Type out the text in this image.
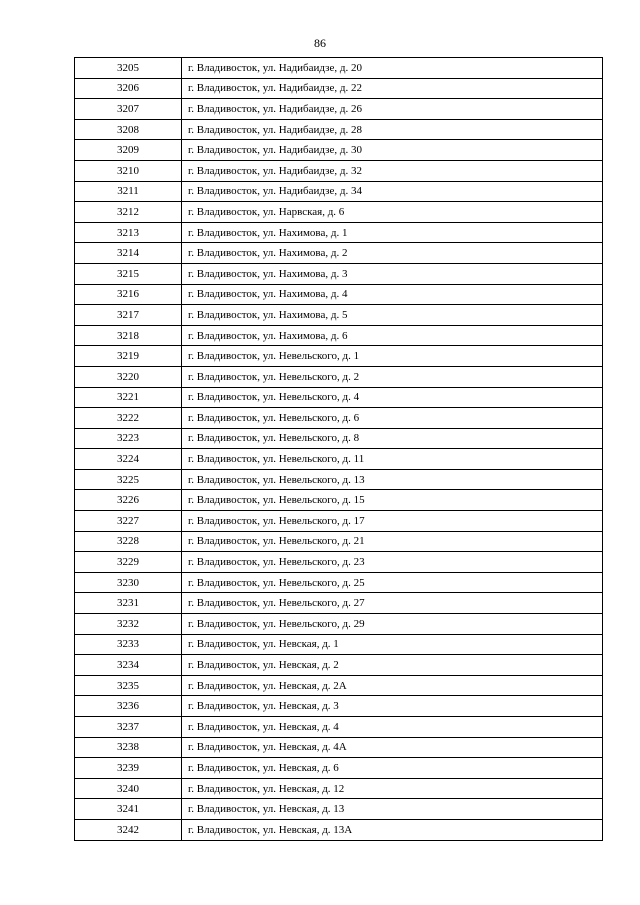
86
3205	г. Владивосток, ул. Надибаидзе, д. 20
3206	г. Владивосток, ул. Надибаидзе, д. 22
3207	г. Владивосток, ул. Надибаидзе, д. 26
3208	г. Владивосток, ул. Надибаидзе, д. 28
3209	г. Владивосток, ул. Надибаидзе, д. 30
3210	г. Владивосток, ул. Надибаидзе, д. 32
3211	г. Владивосток, ул. Надибаидзе, д. 34
3212	г. Владивосток, ул. Нарвская, д. 6
3213	г. Владивосток, ул. Нахимова, д. 1
3214	г. Владивосток, ул. Нахимова, д. 2
3215	г. Владивосток, ул. Нахимова, д. 3
3216	г. Владивосток, ул. Нахимова, д. 4
3217	г. Владивосток, ул. Нахимова, д. 5
3218	г. Владивосток, ул. Нахимова, д. 6
3219	г. Владивосток, ул. Невельского, д. 1
3220	г. Владивосток, ул. Невельского, д. 2
3221	г. Владивосток, ул. Невельского, д. 4
3222	г. Владивосток, ул. Невельского, д. 6
3223	г. Владивосток, ул. Невельского, д. 8
3224	г. Владивосток, ул. Невельского, д. 11
3225	г. Владивосток, ул. Невельского, д. 13
3226	г. Владивосток, ул. Невельского, д. 15
3227	г. Владивосток, ул. Невельского, д. 17
3228	г. Владивосток, ул. Невельского, д. 21
3229	г. Владивосток, ул. Невельского, д. 23
3230	г. Владивосток, ул. Невельского, д. 25
3231	г. Владивосток, ул. Невельского, д. 27
3232	г. Владивосток, ул. Невельского, д. 29
3233	г. Владивосток, ул. Невская, д. 1
3234	г. Владивосток, ул. Невская, д. 2
3235	г. Владивосток, ул. Невская, д. 2А
3236	г. Владивосток, ул. Невская, д. 3
3237	г. Владивосток, ул. Невская, д. 4
3238	г. Владивосток, ул. Невская, д. 4А
3239	г. Владивосток, ул. Невская, д. 6
3240	г. Владивосток, ул. Невская, д. 12
3241	г. Владивосток, ул. Невская, д. 13
3242	г. Владивосток, ул. Невская, д. 13А
